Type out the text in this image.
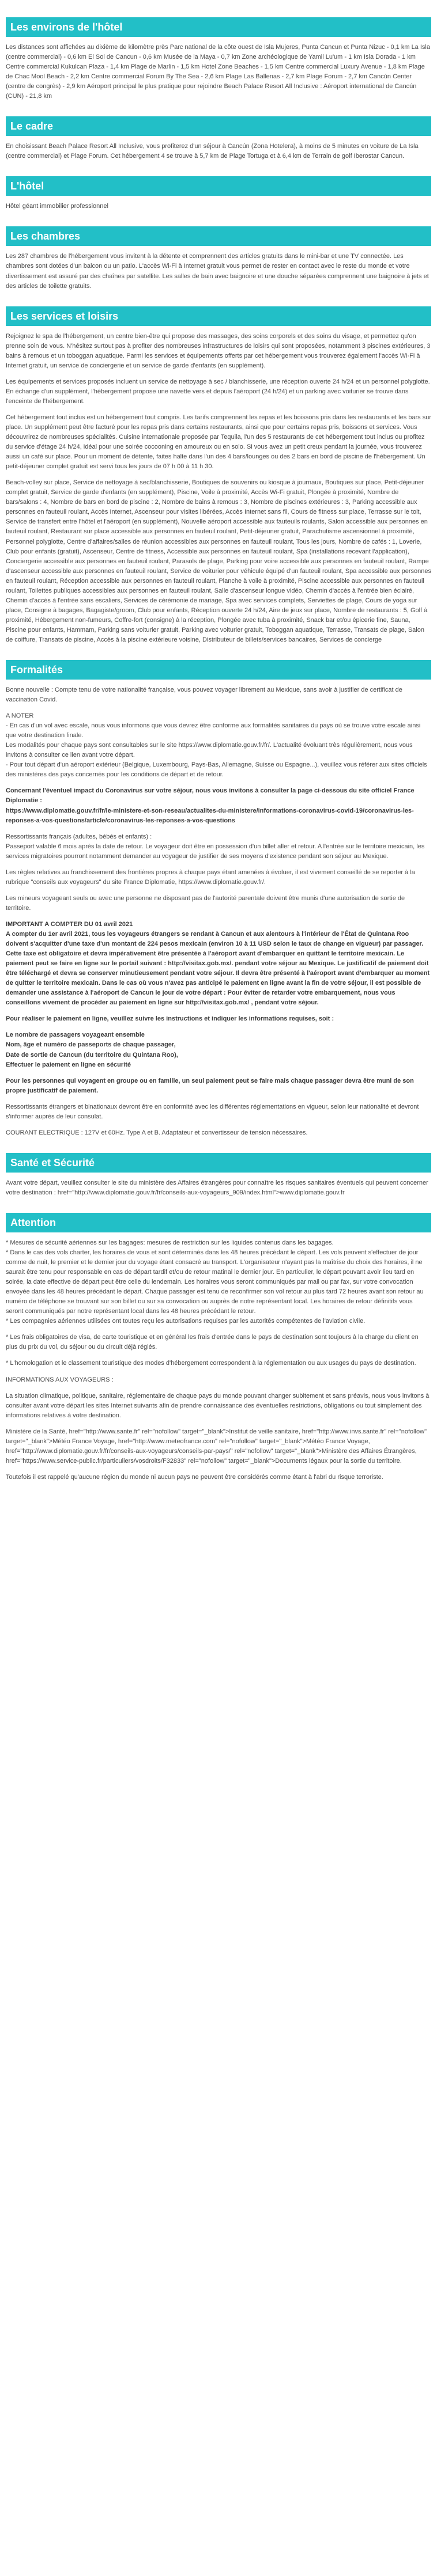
Les environs de l'hôtel

Les distances sont affichées au dixième de kilomètre près Parc national de la côte ouest de Isla Mujeres, Punta Cancun et Punta Nizuc - 0,1 km La Isla (centre commercial) - 0,6 km El Sol de Cancun - 0,6 km Musée de la Maya - 0,7 km Zone archéologique de Yamil Lu'um - 1 km Isla Dorada - 1 km Centre commercial Kukulcan Plaza - 1,4 km Plage de Marlin - 1,5 km Hotel Zone Beaches - 1,5 km Centre commercial Luxury Avenue - 1,8 km Plage de Chac Mool Beach - 2,2 km Centre commercial Forum By The Sea - 2,6 km Plage Las Ballenas - 2,7 km Plage Forum - 2,7 km Cancún Center (centre de congrès) - 2,9 km Aéroport principal le plus pratique pour rejoindre Beach Palace Resort All Inclusive : Aéroport international de Cancún (CUN) - 21,8 km

Le cadre

En choisissant Beach Palace Resort All Inclusive, vous profiterez d'un séjour à Cancún (Zona Hotelera), à moins de 5 minutes en voiture de La Isla (centre commercial) et Plage Forum. Cet hébergement 4 se trouve à 5,7 km de Plage Tortuga et à 6,4 km de Terrain de golf Iberostar Cancun.

L'hôtel

Hôtel géant immobilier professionnel

Les chambres

Les 287 chambres de l'hébergement vous invitent à la détente et comprennent des articles gratuits dans le mini-bar et une TV connectée. Les chambres sont dotées d'un balcon ou un patio. L'accès Wi-Fi à Internet gratuit vous permet de rester en contact avec le reste du monde et votre divertissement est assuré par des chaînes par satellite. Les salles de bain avec baignoire et une douche séparées comprennent une baignoire à jets et des articles de toilette gratuits.

Les services et loisirs

Rejoignez le spa de l'hébergement, un centre bien-être qui propose des massages, des soins corporels et des soins du visage, et permettez qu'on prenne soin de vous. N'hésitez surtout pas à profiter des nombreuses infrastructures de loisirs qui sont proposées, notamment 3 piscines extérieures, 3 bains à remous et un toboggan aquatique. Parmi les services et équipements offerts par cet hébergement vous trouverez également l'accès Wi-Fi à Internet gratuit, un service de conciergerie et un service de garde d'enfants (en supplément).

Les équipements et services proposés incluent un service de nettoyage à sec / blanchisserie, une réception ouverte 24 h/24 et un personnel polyglotte. En échange d'un supplément, l'hébergement propose une navette vers et depuis l'aéroport (24 h/24) et un parking avec voiturier se trouve dans l'enceinte de l'hébergement.

Cet hébergement tout inclus est un hébergement tout compris. Les tarifs comprennent les repas et les boissons pris dans les restaurants et les bars sur place. Un supplément peut être facturé pour les repas pris dans certains restaurants, ainsi que pour certains repas pris, boissons et services. Vous découvrirez de nombreuses spécialités. Cuisine internationale proposée par Tequila, l'un des 5 restaurants de cet hébergement tout inclus ou profitez du service d'étage 24 h/24, idéal pour une soirée cocooning en amoureux ou en solo. Si vous avez un petit creux pendant la journée, vous trouverez aussi un café sur place. Pour un moment de détente, faites halte dans l'un des 4 bars/lounges ou des 2 bars en bord de piscine de l'hébergement. Un petit-déjeuner complet gratuit est servi tous les jours de 07 h 00 à 11 h 30.

Beach-volley sur place, Service de nettoyage à sec/blanchisserie, Boutiques de souvenirs ou kiosque à journaux, Boutiques sur place, Petit-déjeuner complet gratuit, Service de garde d'enfants (en supplément), Piscine, Voile à proximité, Accès Wi-Fi gratuit, Plongée à proximité, Nombre de bars/salons : 4, Nombre de bars en bord de piscine : 2, Nombre de bains à remous : 3, Nombre de piscines extérieures : 3, Parking accessible aux personnes en fauteuil roulant, Accès Internet, Ascenseur pour visites libérées, Accès Internet sans fil, Cours de fitness sur place, Terrasse sur le toit, Service de transfert entre l'hôtel et l'aéroport (en supplément), Nouvelle aéroport accessible aux fauteuils roulants, Salon accessible aux personnes en fauteuil roulant, Restaurant sur place accessible aux personnes en fauteuil roulant, Petit-déjeuner gratuit, Parachutisme ascensionnel à proximité, Personnel polyglotte, Centre d'affaires/salles de réunion accessibles aux personnes en fauteuil roulant, Tous les jours, Nombre de cafés : 1, Loverie, Club pour enfants (gratuit), Ascenseur, Centre de fitness, Accessible aux personnes en fauteuil roulant, Spa (installations recevant l'application), Conciergerie accessible aux personnes en fauteuil roulant, Parasols de plage, Parking pour voire accessible aux personnes en fauteuil roulant, Rampe d'ascenseur accessible aux personnes en fauteuil roulant, Service de voiturier pour véhicule équipé d'un fauteuil roulant, Spa accessible aux personnes en fauteuil roulant, Réception accessible aux personnes en fauteuil roulant, Planche à voile à proximité, Piscine accessible aux personnes en fauteuil roulant, Toilettes publiques accessibles aux personnes en fauteuil roulant, Salle d'ascenseur longue vidéo, Chemin d'accès à l'entrée bien éclairé, Chemin d'accès à l'entrée sans escaliers, Services de cérémonie de mariage, Spa avec services complets, Serviettes de plage, Cours de yoga sur place, Consigne à bagages, Bagagiste/groom, Club pour enfants, Réception ouverte 24 h/24, Aire de jeux sur place, Nombre de restaurants : 5, Golf à proximité, Hébergement non-fumeurs, Coffre-fort (consigne) à la réception, Plongée avec tuba à proximité, Snack bar et/ou épicerie fine, Sauna, Piscine pour enfants, Hammam, Parking sans voiturier gratuit, Parking avec voiturier gratuit, Toboggan aquatique, Terrasse, Transats de plage, Salon de coiffure, Transats de piscine, Accès à la piscine extérieure voisine, Distributeur de billets/services bancaires, Services de concierge

Formalités

Bonne nouvelle : Compte tenu de votre nationalité française, vous pouvez voyager librement au Mexique, sans avoir à justifier de certificat de vaccination Covid.

A NOTER
- En cas d'un vol avec escale, nous vous informons que vous devrez être conforme aux formalités sanitaires du pays où se trouve votre escale ainsi que votre destination finale.
Les modalités pour chaque pays sont consultables sur le site https://www.diplomatie.gouv.fr/fr/. L'actualité évoluant très régulièrement, nous vous invitons à consulter ce lien avant votre départ.
- Pour tout départ d'un aéroport extérieur (Belgique, Luxembourg, Pays-Bas, Allemagne, Suisse ou Espagne...), veuillez vous référer aux sites officiels des ministères des pays concernés pour les conditions de départ et de retour.

Concernant l'éventuel impact du Coronavirus sur votre séjour, nous vous invitons à consulter la page ci-dessous du site officiel France Diplomatie :
https://www.diplomatie.gouv.fr/fr/le-ministere-et-son-reseau/actualites-du-ministere/informations-coronavirus-covid-19/coronavirus-les-reponses-a-vos-questions/article/coronavirus-les-reponses-a-vos-questions

Ressortissants français (adultes, bébés et enfants) :
Passeport valable 6 mois après la date de retour. Le voyageur doit être en possession d'un billet aller et retour. A l'entrée sur le territoire mexicain, les services migratoires pourront notamment demander au voyageur de justifier de ses moyens d'existence pendant son séjour au Mexique.

Les règles relatives au franchissement des frontières propres à chaque pays étant amenées à évoluer, il est vivement conseillé de se reporter à la rubrique "conseils aux voyageurs" du site France Diplomatie, https://www.diplomatie.gouv.fr/.

Les mineurs voyageant seuls ou avec une personne ne disposant pas de l'autorité parentale doivent être munis d'une autorisation de sortie de territoire.

IMPORTANT A COMPTER DU 01 avril 2021
A compter du 1er avril 2021, tous les voyageurs étrangers se rendant à Cancun et aux alentours à l'intérieur de l'État de Quintana Roo doivent s'acquitter d'une taxe d'un montant de 224 pesos mexicain (environ 10 à 11 USD selon le taux de change en vigueur) par passager. Cette taxe est obligatoire et devra impérativement être présentée à l'aéroport avant d'embarquer en quittant le territoire mexicain. Le paiement peut se faire en ligne sur le portail suivant : http://visitax.gob.mx/. pendant votre séjour au Mexique. Le justificatif de paiement doit être téléchargé et devra se conserver minutieusement pendant votre séjour. Il devra être présenté à l'aéroport avant d'embarquer au moment de quitter le territoire mexicain. Dans le cas où vous n'avez pas anticipé le paiement en ligne avant la fin de votre séjour, il est possible de demander une assistance à l'aéroport de Cancun le jour de votre départ : Pour éviter de retarder votre embarquement, nous vous conseillons vivement de procéder au paiement en ligne sur http://visitax.gob.mx/ , pendant votre séjour.

Pour réaliser le paiement en ligne, veuillez suivre les instructions et indiquer les informations requises, soit :

Le nombre de passagers voyageant ensemble
Nom, âge et numéro de passeports de chaque passager,
Date de sortie de Cancun (du territoire du Quintana Roo),
Effectuer le paiement en ligne en sécurité

Pour les personnes qui voyagent en groupe ou en famille, un seul paiement peut se faire mais chaque passager devra être muni de son propre justificatif de paiement.

Ressortissants étrangers et binationaux devront être en conformité avec les différentes réglementations en vigueur, selon leur nationalité et devront s'informer auprès de leur consulat.

COURANT ELECTRIQUE : 127V et 60Hz. Type A et B. Adaptateur et convertisseur de tension nécessaires.

Santé et Sécurité

Avant votre départ, veuillez consulter le site du ministère des Affaires étrangères pour connaître les risques sanitaires éventuels qui peuvent concerner votre destination : href="http://www.diplomatie.gouv.fr/fr/conseils-aux-voyageurs_909/index.html">www.diplomatie.gouv.fr

Attention

* Mesures de sécurité aériennes sur les bagages: mesures de restriction sur les liquides contenus dans les bagages.
* Dans le cas des vols charter, les horaires de vous et sont déterminés dans les 48 heures précédant le départ. Les vols peuvent s'effectuer de jour comme de nuit, le premier et le dernier jour du voyage étant consacré au transport. L'organisateur n'ayant pas la maîtrise du choix des horaires, il ne saurait être tenu pour responsable en cas de départ tardif et/ou de retour matinal le dernier jour. En particulier, le départ pouvant avoir lieu tard en soirée, la date effective de départ peut être celle du lendemain. Les horaires vous seront communiqués par mail ou par fax, sur votre convocation envoyée dans les 48 heures précédant le départ. Chaque passager est tenu de reconfirmer son vol retour au plus tard 72 heures avant son retour au numéro de téléphone se trouvant sur son billet ou sur sa convocation ou auprès de notre représentant local. Les horaires de retour définitifs vous seront communiqués par notre représentant local dans les 48 heures précédant le retour.
* Les compagnies aériennes utilisées ont toutes reçu les autorisations requises par les autorités compétentes de l'aviation civile.

* Les frais obligatoires de visa, de carte touristique et en général les frais d'entrée dans le pays de destination sont toujours à la charge du client en plus du prix du vol, du séjour ou du circuit déjà réglés.

* L'homologation et le classement touristique des modes d'hébergement correspondent à la réglementation ou aux usages du pays de destination.

INFORMATIONS AUX VOYAGEURS :

La situation climatique, politique, sanitaire, réglementaire de chaque pays du monde pouvant changer subitement et sans préavis, nous vous invitons à consulter avant votre départ les sites Internet suivants afin de prendre connaissance des éventuelles restrictions, obligations ou tout simplement des informations relatives à votre destination.

Ministère de la Santé, href="http://www.sante.fr" rel="nofollow" target="_blank">Institut de veille sanitaire, href="http://www.invs.sante.fr" rel="nofollow" target="_blank">Météo France Voyage, href="http://www.meteofrance.com" rel="nofollow" target="_blank">Météo France Voyage, href="http://www.diplomatie.gouv.fr/fr/conseils-aux-voyageurs/conseils-par-pays/" rel="nofollow" target="_blank">Ministère des Affaires Étrangères, href="https://www.service-public.fr/particuliers/vosdroits/F32833" rel="nofollow" target="_blank">Documents légaux pour la sortie du territoire.

Toutefois il est rappelé qu'aucune région du monde ni aucun pays ne peuvent être considérés comme étant à l'abri du risque terroriste.
